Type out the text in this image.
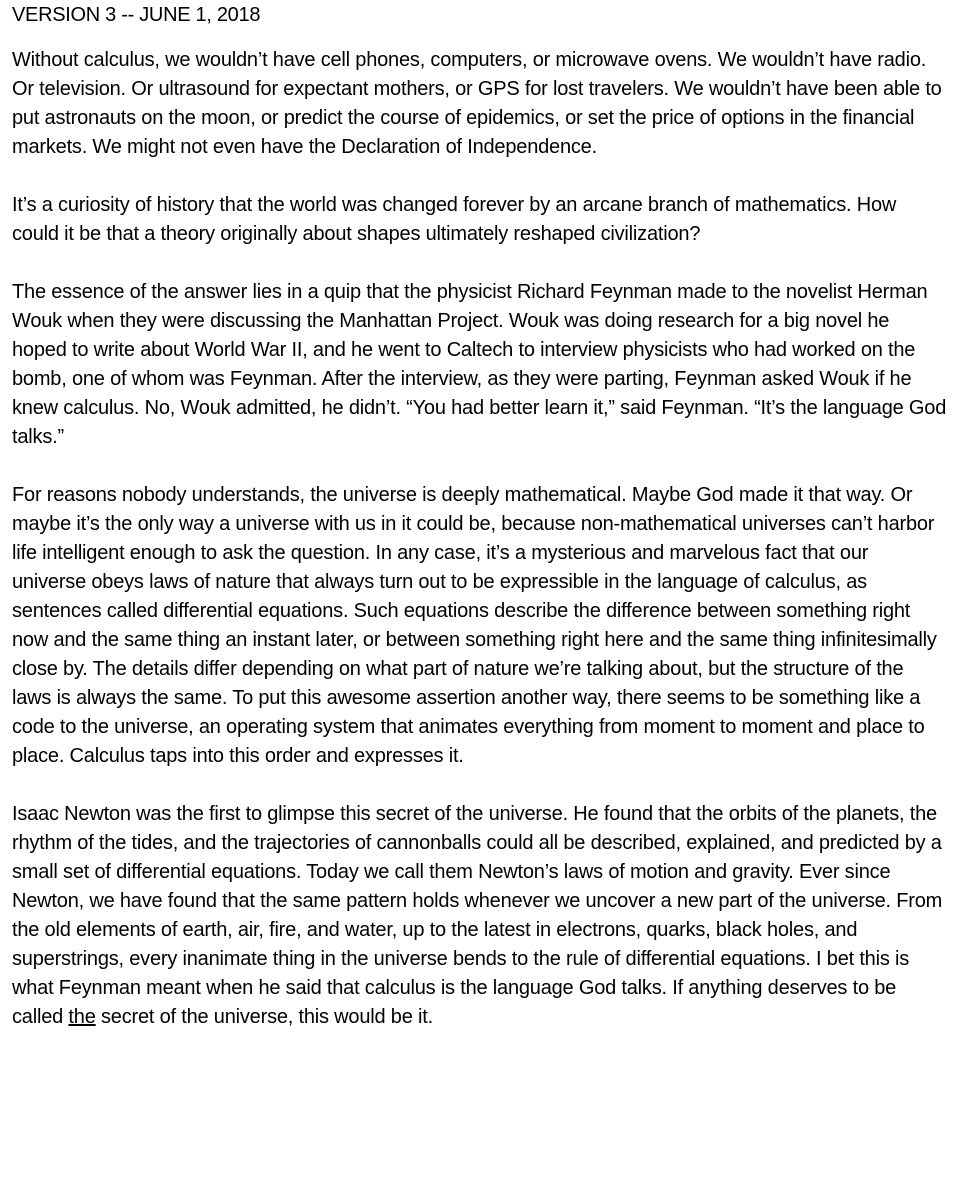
VERSION 3 -- JUNE 1, 2018

Without calculus, we wouldn’t have cell phones, computers, or microwave ovens. We wouldn’t have radio. Or television. Or ultrasound for expectant mothers, or GPS for lost travelers. We wouldn’t have been able to put astronauts on the moon, or predict the course of epidemics, or set the price of options in the financial markets. We might not even have the Declaration of Independence.

It’s a curiosity of history that the world was changed forever by an arcane branch of mathematics. How could it be that a theory originally about shapes ultimately reshaped civilization?

The essence of the answer lies in a quip that the physicist Richard Feynman made to the novelist Herman Wouk when they were discussing the Manhattan Project. Wouk was doing research for a big novel he hoped to write about World War II, and he went to Caltech to interview physicists who had worked on the bomb, one of whom was Feynman. After the interview, as they were parting, Feynman asked Wouk if he knew calculus. No, Wouk admitted, he didn’t. “You had better learn it,” said Feynman. “It’s the language God talks.”

For reasons nobody understands, the universe is deeply mathematical. Maybe God made it that way. Or maybe it’s the only way a universe with us in it could be, because non-mathematical universes can’t harbor life intelligent enough to ask the question. In any case, it’s a mysterious and marvelous fact that our universe obeys laws of nature that always turn out to be expressible in the language of calculus, as sentences called differential equations. Such equations describe the difference between something right now and the same thing an instant later, or between something right here and the same thing infinitesimally close by. The details differ depending on what part of nature we’re talking about, but the structure of the laws is always the same. To put this awesome assertion another way, there seems to be something like a code to the universe, an operating system that animates everything from moment to moment and place to place. Calculus taps into this order and expresses it.

Isaac Newton was the first to glimpse this secret of the universe. He found that the orbits of the planets, the rhythm of the tides, and the trajectories of cannonballs could all be described, explained, and predicted by a small set of differential equations. Today we call them Newton’s laws of motion and gravity. Ever since Newton, we have found that the same pattern holds whenever we uncover a new part of the universe. From the old elements of earth, air, fire, and water, up to the latest in electrons, quarks, black holes, and superstrings, every inanimate thing in the universe bends to the rule of differential equations. I bet this is what Feynman meant when he said that calculus is the language God talks. If anything deserves to be called the secret of the universe, this would be it.
